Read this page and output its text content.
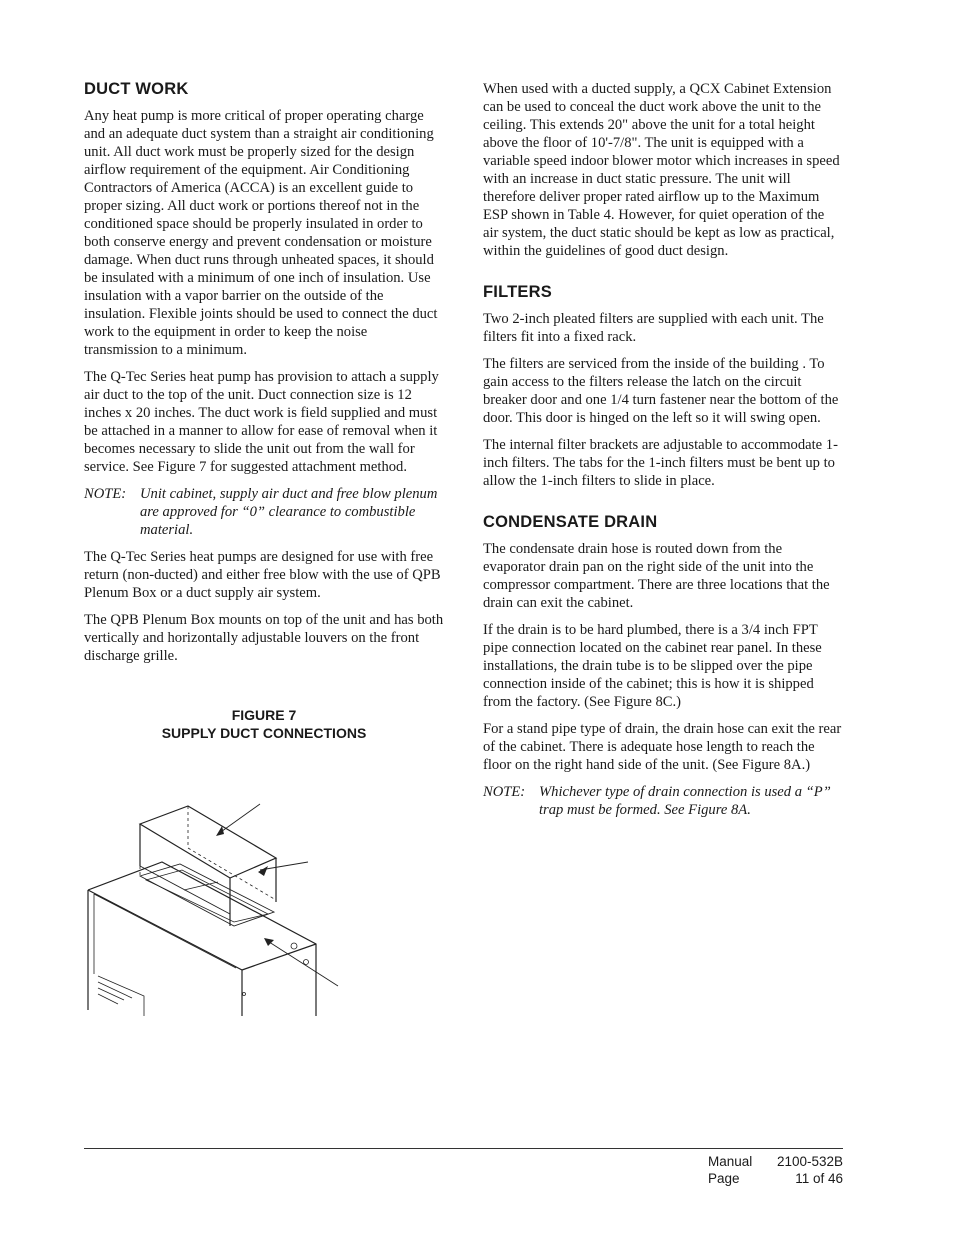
DUCT WORK

Any heat pump is more critical of proper operating charge and an adequate duct system than a straight air conditioning unit. All duct work must be properly sized for the design airflow requirement of the equipment. Air Conditioning Contractors of America (ACCA) is an excellent guide to proper sizing. All duct work or portions thereof not in the conditioned space should be properly insulated in order to both conserve energy and prevent condensation or moisture damage. When duct runs through unheated spaces, it should be insulated with a minimum of one inch of insulation. Use insulation with a vapor barrier on the outside of the insulation. Flexible joints should be used to connect the duct work to the equipment in order to keep the noise transmission to a minimum.

The Q-Tec Series heat pump has provision to attach a supply air duct to the top of the unit. Duct connection size is 12 inches x 20 inches. The duct work is field supplied and must be attached in a manner to allow for ease of removal when it becomes necessary to slide the unit out from the wall for service. See Figure 7 for suggested attachment method.

NOTE: Unit cabinet, supply air duct and free blow plenum are approved for “0” clearance to combustible material.

The Q-Tec Series heat pumps are designed for use with free return (non-ducted) and either free blow with the use of QPB Plenum Box or a duct supply air system.

The QPB Plenum Box mounts on top of the unit and has both vertically and horizontally adjustable louvers on the front discharge grille.

FIGURE 7

SUPPLY DUCT CONNECTIONS

When used with a ducted supply, a QCX Cabinet Extension can be used to conceal the duct work above the unit to the ceiling. This extends 20" above the unit for a total height above the floor of 10'-7/8". The unit is equipped with a variable speed indoor blower motor which increases in speed with an increase in duct static pressure. The unit will therefore deliver proper rated airflow up to the Maximum ESP shown in Table 4. However, for quiet operation of the air system, the duct static should be kept as low as practical, within the guidelines of good duct design.

FILTERS

Two 2-inch pleated filters are supplied with each unit. The filters fit into a fixed rack.

The filters are serviced from the inside of the building . To gain access to the filters release the latch on the circuit breaker door and one 1/4 turn fastener near the bottom of the door. This door is hinged on the left so it will swing open.

The internal filter brackets are adjustable to accommodate 1-inch filters. The tabs for the 1-inch filters must be bent up to allow the 1-inch filters to slide in place.

CONDENSATE DRAIN

The condensate drain hose is routed down from the evaporator drain pan on the right side of the unit into the compressor compartment. There are three locations that the drain can exit the cabinet.

If the drain is to be hard plumbed, there is a 3/4 inch FPT pipe connection located on the cabinet rear panel. In these installations, the drain tube is to be slipped over the pipe connection inside of the cabinet; this is how it is shipped from the factory. (See Figure 8C.)

For a stand pipe type of drain, the drain hose can exit the rear of the cabinet. There is adequate hose length to reach the floor on the right hand side of the unit. (See Figure 8A.)

NOTE: Whichever type of drain connection is used a “P” trap must be formed. See Figure 8A.
Manual 2100-532B
Page	11 of 46
